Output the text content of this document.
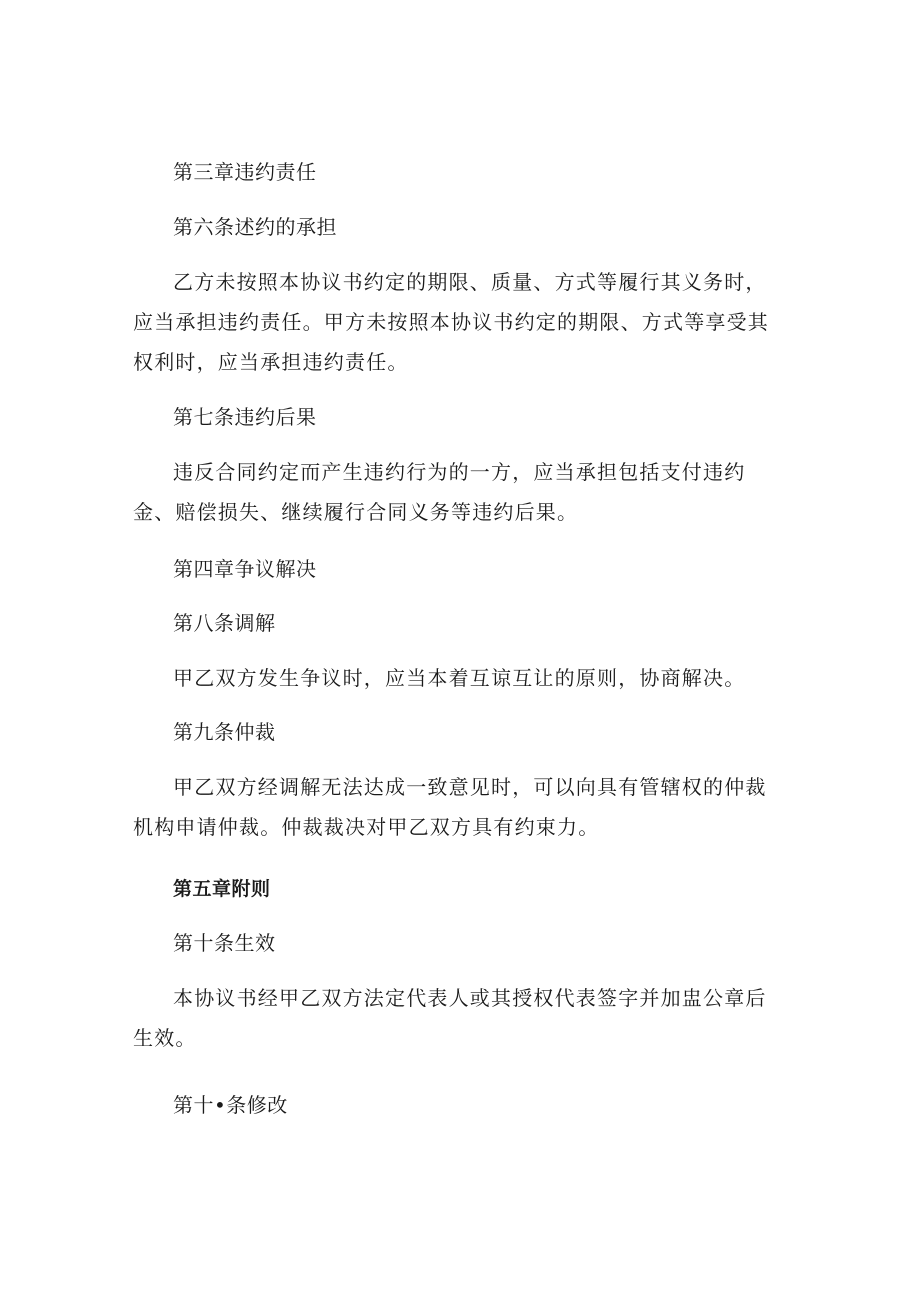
第三章违约责任
第六条述约的承担
乙方未按照本协议书约定的期限、质量、方式等履行其义务时，应当承担违约责任。甲方未按照本协议书约定的期限、方式等享受其权利时，应当承担违约责任。
第七条违约后果
违反合同约定而产生违约行为的一方，应当承担包括支付违约金、赔偿损失、继续履行合同义务等违约后果。
第四章争议解决
第八条调解
甲乙双方发生争议时，应当本着互谅互让的原则，协商解决。
第九条仲裁
甲乙双方经调解无法达成一致意见时，可以向具有管辖权的仲裁机构申请仲裁。仲裁裁决对甲乙双方具有约束力。
第五章附则
第十条生效
本协议书经甲乙双方法定代表人或其授权代表签字并加盅公章后生效。
第十•条修改
